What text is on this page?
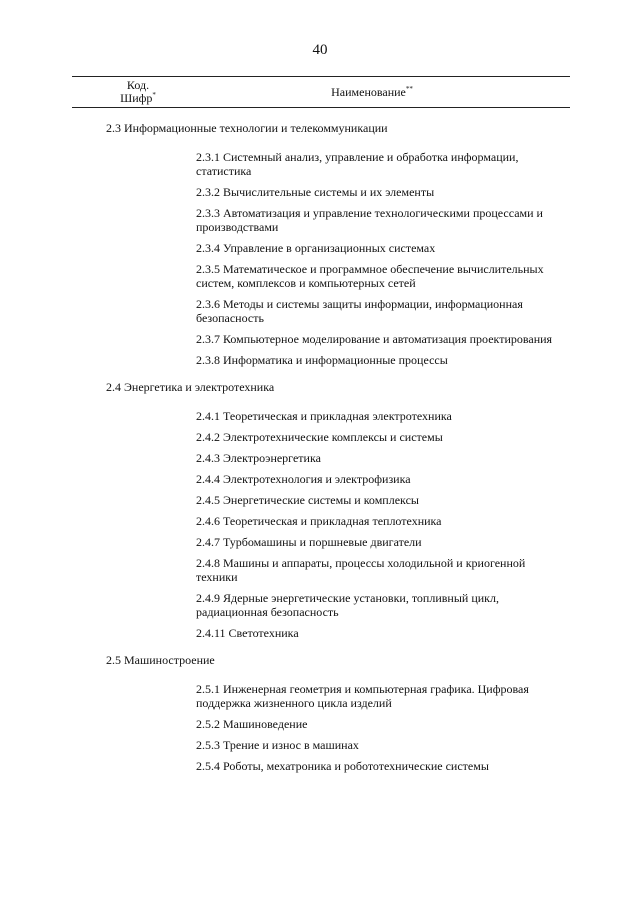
40
Код.
Шифр*	Наименование**
2.3 Информационные технологии и телекоммуникации
2.3.1 Системный анализ, управление и обработка информации, статистика
2.3.2 Вычислительные системы и их элементы
2.3.3 Автоматизация и управление технологическими процессами и производствами
2.3.4 Управление в организационных системах
2.3.5 Математическое и программное обеспечение вычислительных систем, комплексов и компьютерных сетей
2.3.6 Методы и системы защиты информации, информационная безопасность
2.3.7 Компьютерное моделирование и автоматизация проектирования
2.3.8 Информатика и информационные процессы
2.4 Энергетика и электротехника
2.4.1 Теоретическая и прикладная электротехника
2.4.2 Электротехнические комплексы и системы
2.4.3 Электроэнергетика
2.4.4 Электротехнология и электрофизика
2.4.5 Энергетические системы и комплексы
2.4.6 Теоретическая и прикладная теплотехника
2.4.7 Турбомашины и поршневые двигатели
2.4.8 Машины и аппараты, процессы холодильной и криогенной техники
2.4.9 Ядерные энергетические установки, топливный цикл, радиационная безопасность
2.4.11 Светотехника
2.5 Машиностроение
2.5.1 Инженерная геометрия и компьютерная графика. Цифровая поддержка жизненного цикла изделий
2.5.2 Машиноведение
2.5.3 Трение и износ в машинах
2.5.4 Роботы, мехатроника и робототехнические системы
